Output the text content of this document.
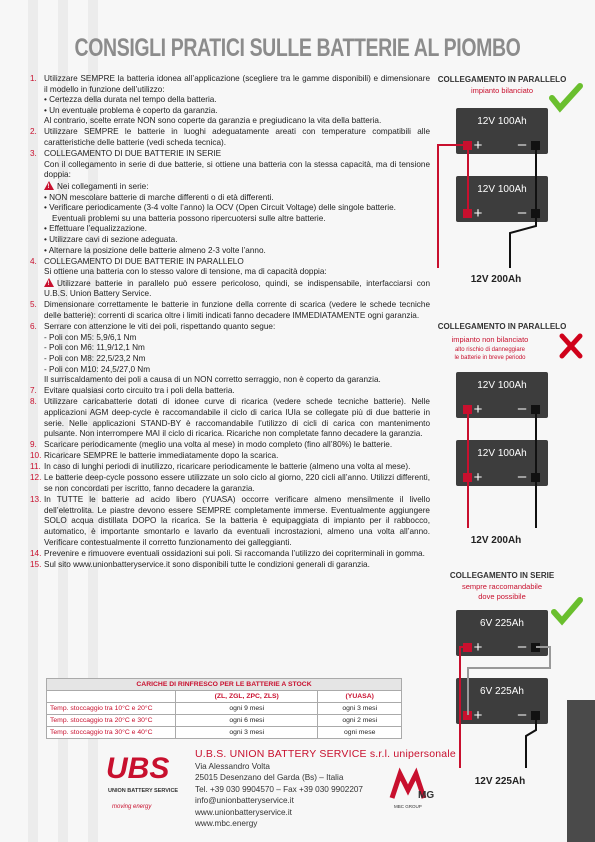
CONSIGLI PRATICI SULLE BATTERIE AL PIOMBO
1. Utilizzare SEMPRE la batteria idonea all’applicazione (scegliere tra le gamme disponibili) e dimensionare il modello in funzione dell’utilizzo:
• Certezza della durata nel tempo della batteria.
• Un eventuale problema è coperto da garanzia.
Al contrario, scelte errate NON sono coperte da garanzia e pregiudicano la vita della batteria.
2. Utilizzare SEMPRE le batterie in luoghi adeguatamente areati con temperature compatibili alle caratteristiche delle batterie (vedi scheda tecnica).
3. COLLEGAMENTO DI DUE BATTERIE IN SERIE
Con il collegamento in serie di due batterie, si ottiene una batteria con la stessa capacità, ma di tensione doppia:
! Nei collegamenti in serie:
• NON mescolare batterie di marche differenti o di età differenti.
• Verificare periodicamente (3-4 volte l’anno) la OCV (Open Circuit Voltage) delle singole batterie.
Eventuali problemi su una batteria possono ripercuotersi sulle altre batterie.
• Effettuare l’equalizzazione.
• Utilizzare cavi di sezione adeguata.
• Alternare la posizione delle batterie almeno 2-3 volte l’anno.
4. COLLEGAMENTO DI DUE BATTERIE IN PARALLELO
Si ottiene una batteria con lo stesso valore di tensione, ma di capacità doppia:
! Utilizzare batterie in parallelo può essere pericoloso, quindi, se indispensabile, interfacciarsi con U.B.S. Union Battery Service.
5. Dimensionare correttamente le batterie in funzione della corrente di scarica (vedere le schede tecniche delle batterie): correnti di scarica oltre i limiti indicati fanno decadere IMMEDIATAMENTE ogni garanzia.
6. Serrare con attenzione le viti dei poli, rispettando quanto segue:
- Poli con M5: 5,9/6,1 Nm
- Poli con M6: 11,9/12,1 Nm
- Poli con M8: 22,5/23,2 Nm
- Poli con M10: 24,5/27,0 Nm
Il surriscaldamento dei poli a causa di un NON corretto serraggio, non è coperto da garanzia.
7. Evitare qualsiasi corto circuito tra i poli della batteria.
8. Utilizzare caricabatterie dotati di idonee curve di ricarica (vedere schede tecniche batterie). Nelle applicazioni AGM deep-cycle è raccomandabile il ciclo di carica IUIa se collegate più di due batterie in serie. Nelle applicazioni STAND-BY è raccomandabile l’utilizzo di cicli di carica con mantenimento pulsante. Non interrompere MAI il ciclo di ricarica. Ricariche non completate fanno decadere la garanzia.
9. Scaricare periodicamente (meglio una volta al mese) in modo completo (fino all’80%) le batterie.
10. Ricaricare SEMPRE le batterie immediatamente dopo la scarica.
11. In caso di lunghi periodi di inutilizzo, ricaricare periodicamente le batterie (almeno una volta al mese).
12. Le batterie deep-cycle possono essere utilizzate un solo ciclo al giorno, 220 cicli all’anno. Utilizzi differenti, se non concordati per iscritto, fanno decadere la garanzia.
13. In TUTTE le batterie ad acido libero (YUASA) occorre verificare almeno mensilmente il livello dell’elettrolita. Le piastre devono essere SEMPRE completamente immerse. Eventualmente aggiungere SOLO acqua distillata DOPO la ricarica. Se la batteria è equipaggiata di impianto per il rabbocco, automatico, è importante smontarlo e lavarlo da eventuali incrostazioni, almeno una volta all’anno. Verificare contestualmente il corretto funzionamento dei galleggianti.
14. Prevenire e rimuovere eventuali ossidazioni sui poli. Si raccomanda l’utilizzo dei copriterminali in gomma.
15. Sul sito www.unionbatteryservice.it sono disponibili tutte le condizioni generali di garanzia.
CARICHE DI RINFRESCO PER LE BATTERIE A STOCK		
	(ZL, ZGL, ZPC, ZLS)	(YUASA)
Temp. stoccaggio tra 10°C e 20°C	ogni 9 mesi	ogni 3 mesi
Temp. stoccaggio tra 20°C e 30°C	ogni 6 mesi	ogni 2 mesi
Temp. stoccaggio tra 30°C e 40°C	ogni 3 mesi	ogni mese
UBS
UNION BATTERY SERVICE
moving energy	MBC GROUP
MG
U.B.S. UNION BATTERY SERVICE s.r.l. unipersonale
Via Alessandro Volta
25015 Desenzano del Garda (Bs) – Italia
Tel. +39 030 9904570 – Fax +39 030 9902207
info@unionbatteryservice.it
www.unionbatteryservice.it
www.mbc.energy
COLLEGAMENTO IN PARALLELO
impianto bilanciato
12V 100Ah
+ –
12V 100Ah
+ –
12V 200Ah
COLLEGAMENTO IN PARALLELO
impianto non bilanciato
alto rischio di danneggiare
le batterie in breve periodo
12V 100Ah
+ –
12V 100Ah
+ –
12V 200Ah
COLLEGAMENTO IN SERIE
sempre raccomandabile
dove possibile
6V 225Ah
+ –
6V 225Ah
+ –
12V 225Ah
